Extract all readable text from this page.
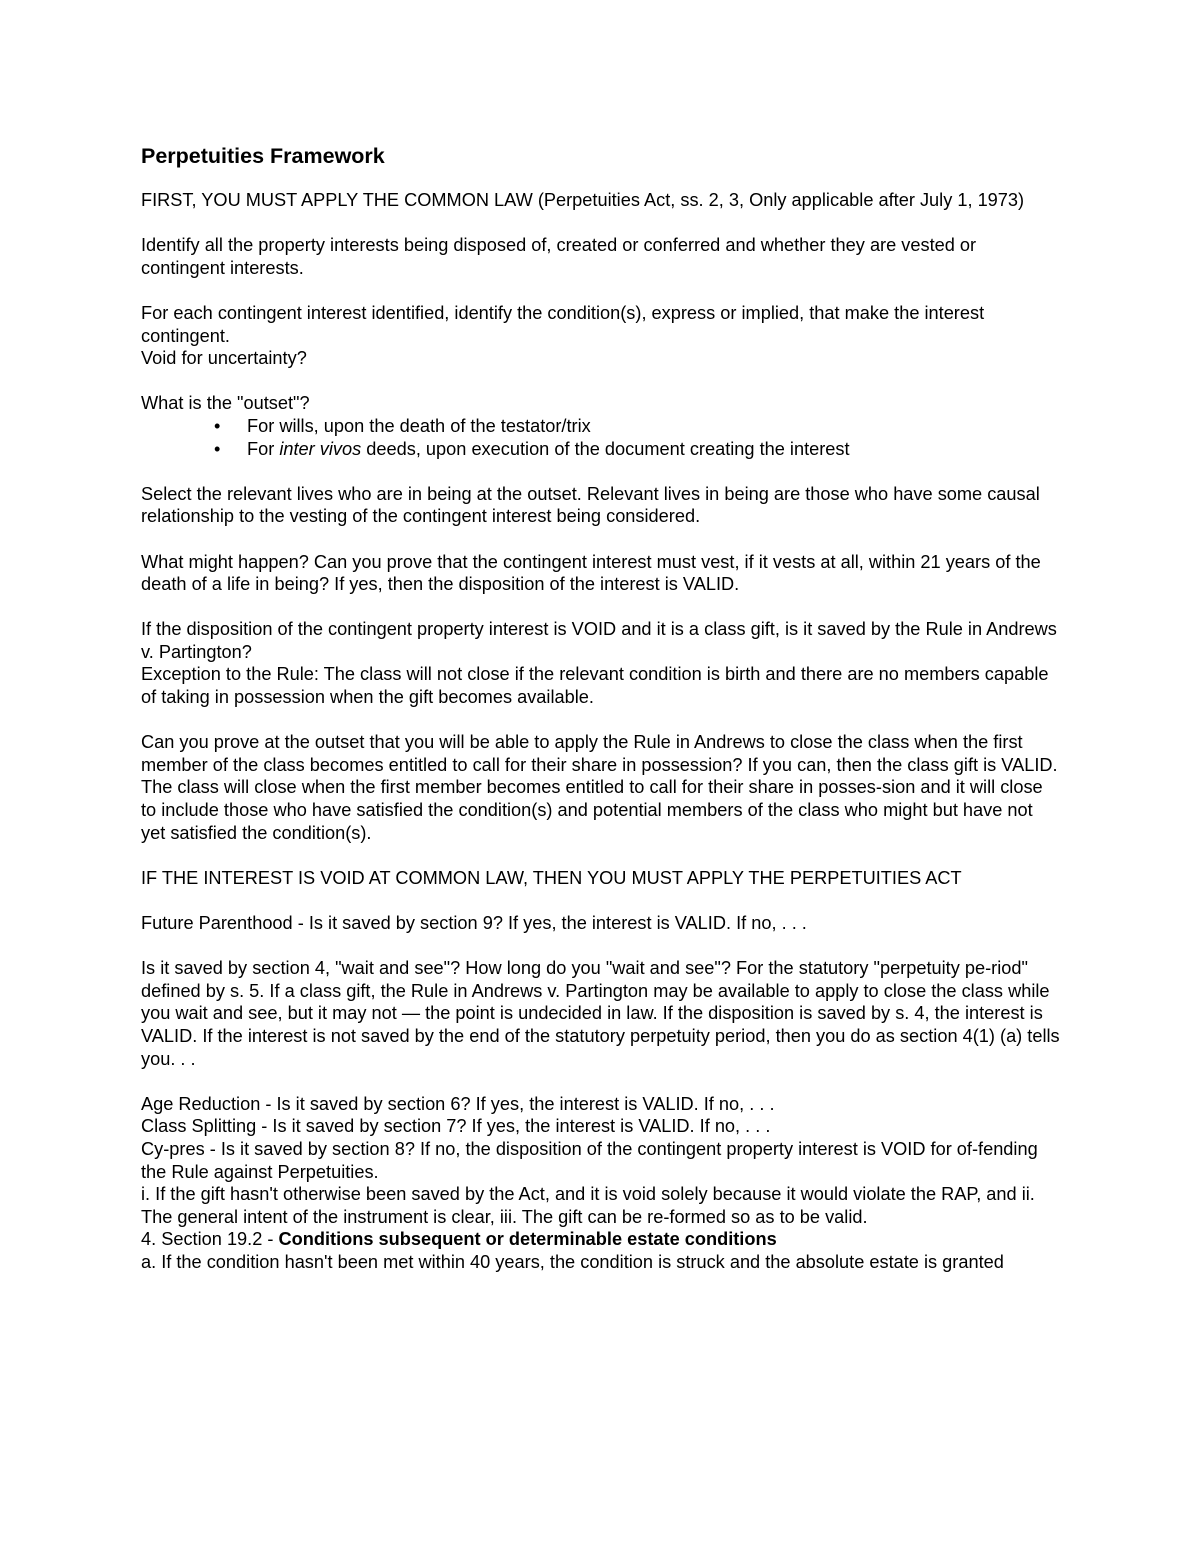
Perpetuities Framework
FIRST, YOU MUST APPLY THE COMMON LAW (Perpetuities Act, ss. 2, 3, Only applicable after July 1, 1973)
Identify all the property interests being disposed of, created or conferred and whether they are vested or contingent interests.
For each contingent interest identified, identify the condition(s), express or implied, that make the interest contingent.
Void for uncertainty?
What is the "outset"?
• For wills, upon the death of the testator/trix
• For inter vivos deeds, upon execution of the document creating the interest
Select the relevant lives who are in being at the outset. Relevant lives in being are those who have some causal relationship to the vesting of the contingent interest being considered.
What might happen? Can you prove that the contingent interest must vest, if it vests at all, within 21 years of the death of a life in being? If yes, then the disposition of the interest is VALID.
If the disposition of the contingent property interest is VOID and it is a class gift, is it saved by the Rule in Andrews v. Partington?
Exception to the Rule: The class will not close if the relevant condition is birth and there are no members capable of taking in possession when the gift becomes available.
Can you prove at the outset that you will be able to apply the Rule in Andrews to close the class when the first member of the class becomes entitled to call for their share in possession? If you can, then the class gift is VALID. The class will close when the first member becomes entitled to call for their share in posses-sion and it will close to include those who have satisfied the condition(s) and potential members of the class who might but have not yet satisfied the condition(s).
IF THE INTEREST IS VOID AT COMMON LAW, THEN YOU MUST APPLY THE PERPETUITIES ACT
Future Parenthood - Is it saved by section 9? If yes, the interest is VALID. If no, . . .
Is it saved by section 4, "wait and see"? How long do you "wait and see"? For the statutory "perpetuity pe-riod" defined by s. 5. If a class gift, the Rule in Andrews v. Partington may be available to apply to close the class while you wait and see, but it may not — the point is undecided in law. If the disposition is saved by s. 4, the interest is VALID. If the interest is not saved by the end of the statutory perpetuity period, then you do as section 4(1) (a) tells you. . .
Age Reduction - Is it saved by section 6? If yes, the interest is VALID. If no, . . .
Class Splitting - Is it saved by section 7? If yes, the interest is VALID. If no, . . .
Cy-pres - Is it saved by section 8? If no, the disposition of the contingent property interest is VOID for of-fending the Rule against Perpetuities.
i. If the gift hasn't otherwise been saved by the Act, and it is void solely because it would violate the RAP, and ii. The general intent of the instrument is clear, iii. The gift can be re-formed so as to be valid.
4. Section 19.2 - Conditions subsequent or determinable estate conditions
a. If the condition hasn't been met within 40 years, the condition is struck and the absolute estate is granted
